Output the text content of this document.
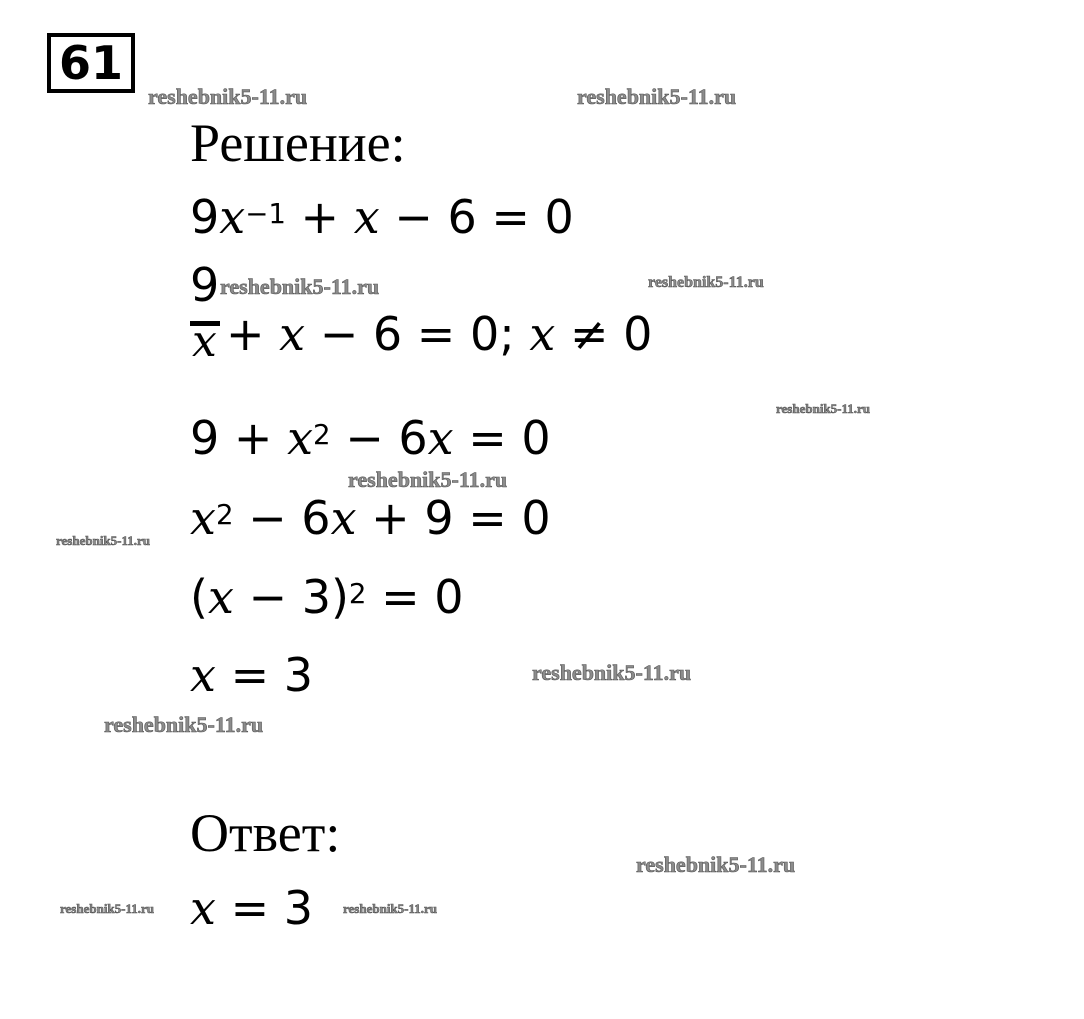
61
Решение:
$9x^{-1} + x - 6 = 0$
9
x + x − 6 = 0; x ≠ 0
$9 + x^2 - 6x = 0$
$x^2 - 6x + 9 = 0$
$(x - 3)^2 = 0$
x = 3
Ответ:
x = 3
reshebnik5-11.ru	reshebnik5-11.ru
reshebnik5-11.ru	reshebnik5-11.ru
reshebnik5-11.ru
reshebnik5-11.ru
reshebnik5-11.ru
reshebnik5-11.ru
reshebnik5-11.ru
reshebnik5-11.ru
reshebnik5-11.ru	reshebnik5-11.ru
